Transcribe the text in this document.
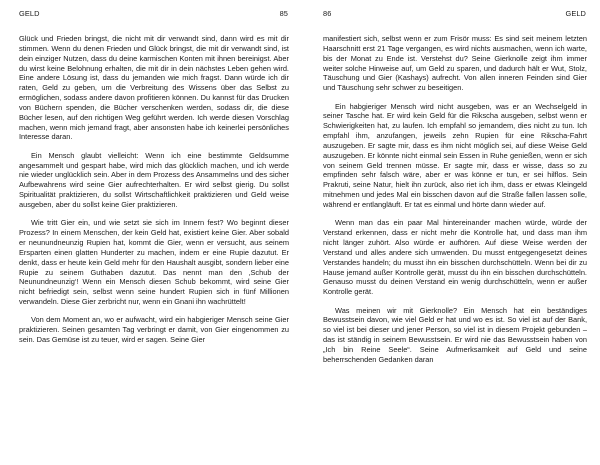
GELD	85

Glück und Frieden bringst, die nicht mit dir verwandt sind, dann wird es mit dir stimmen. Wenn du denen Frieden und Glück bringst, die mit dir verwandt sind, ist dein einziger Nutzen, dass du deine karmischen Konten mit ihnen bereinigst. Aber du wirst keine Belohnung erhalten, die mit dir in dein nächstes Leben gehen wird. Eine andere Lösung ist, dass du jemanden wie mich fragst. Dann würde ich dir raten, Geld zu geben, um die Verbreitung des Wissens über das Selbst zu ermöglichen, sodass andere davon profitieren können. Du kannst für das Drucken von Büchern spenden, die Bücher verschenken werden, sodass dir, die diese Bücher lesen, auf den richtigen Weg geführt werden. Ich werde diesen Vorschlag machen, wenn mich jemand fragt, aber ansonsten habe ich keinerlei persönliches Interesse daran.

Ein Mensch glaubt vielleicht: Wenn ich eine bestimmte Geldsumme angesammelt und gespart habe, wird mich das glücklich machen, und ich werde nie wieder unglücklich sein. Aber in dem Prozess des Ansammelns und des sicher Aufbewahrens wird seine Gier aufrechterhalten. Er wird selbst gierig. Du sollst Spiritualität praktizieren, du sollst Wirtschaftlichkeit praktizieren und Geld weise ausgeben, aber du sollst keine Gier praktizieren.

Wie tritt Gier ein, und wie setzt sie sich im Innern fest? Wo beginnt dieser Prozess? In einem Menschen, der kein Geld hat, existiert keine Gier. Aber sobald er neunundneunzig Rupien hat, kommt die Gier, wenn er versucht, aus seinem Ersparten einen glatten Hunderter zu machen, indem er eine Rupie dazutut. Er denkt, dass er heute kein Geld mehr für den Haushalt ausgibt, sondern lieber eine Rupie zu seinem Guthaben dazutut. Das nennt man den ‚Schub der Neunundneunzig‘! Wenn ein Mensch diesen Schub bekommt, wird seine Gier nicht befriedigt sein, selbst wenn seine hundert Rupien sich in fünf Millionen verwandeln. Diese Gier zerbricht nur, wenn ein Gnani ihn wachrüttelt!

Von dem Moment an, wo er aufwacht, wird ein habgieriger Mensch seine Gier praktizieren. Seinen gesamten Tag verbringt er damit, von Gier eingenommen zu sein. Das Gemüse ist zu teuer, wird er sagen. Seine Gier

86	GELD

manifestiert sich, selbst wenn er zum Frisör muss: Es sind seit meinem letzten Haarschnitt erst 21 Tage vergangen, es wird nichts ausmachen, wenn ich warte, bis der Monat zu Ende ist. Verstehst du? Seine Gierknolle zeigt ihm immer weiter solche Hinweise auf, um Geld zu sparen, und dadurch hält er Wut, Stolz, Täuschung und Gier (Kashays) aufrecht. Von allen inneren Feinden sind Gier und Täuschung sehr schwer zu beseitigen.

Ein habgieriger Mensch wird nicht ausgeben, was er an Wechselgeld in seiner Tasche hat. Er wird kein Geld für die Rikscha ausgeben, selbst wenn er Schwierigkeiten hat, zu laufen. Ich empfahl so jemandem, dies nicht zu tun. Ich empfahl ihm, anzufangen, jeweils zehn Rupien für eine Rikscha-Fahrt auszugeben. Er sagte mir, dass es ihm nicht möglich sei, auf diese Weise Geld auszugeben. Er könnte nicht einmal sein Essen in Ruhe genießen, wenn er sich von seinem Geld trennen müsse. Er sagte mir, dass er wisse, dass so zu empfinden sehr falsch wäre, aber er was könne er tun, er sei hilflos. Sein Prakruti, seine Natur, hielt ihn zurück, also riet ich ihm, dass er etwas Kleingeld mitnehmen und jedes Mal ein bisschen davon auf die Straße fallen lassen solle, während er entlangläuft. Er tat es einmal und hörte dann wieder auf.

Wenn man das ein paar Mal hintereinander machen würde, würde der Verstand erkennen, dass er nicht mehr die Kontrolle hat, und dass man ihm nicht länger zuhört. Also würde er aufhören. Auf diese Weise werden der Verstand und alles andere sich umwenden. Du musst entgegengesetzt deines Verstandes handeln; du musst ihn ein bisschen durchschütteln. Wenn bei dir zu Hause jemand außer Kontrolle gerät, musst du ihn ein bisschen durchschütteln. Genauso musst du deinen Verstand ein wenig durchschütteln, wenn er außer Kontrolle gerät.

Was meinen wir mit Gierknolle? Ein Mensch hat ein beständiges Bewusstsein davon, wie viel Geld er hat und wo es ist. So viel ist auf der Bank, so viel ist bei dieser und jener Person, so viel ist in diesem Projekt gebunden – das ist ständig in seinem Bewusstsein. Er wird nie das Bewusstsein haben von „Ich bin Reine Seele“. Seine Aufmerksamkeit auf Geld und seine beherrschenden Gedanken daran
